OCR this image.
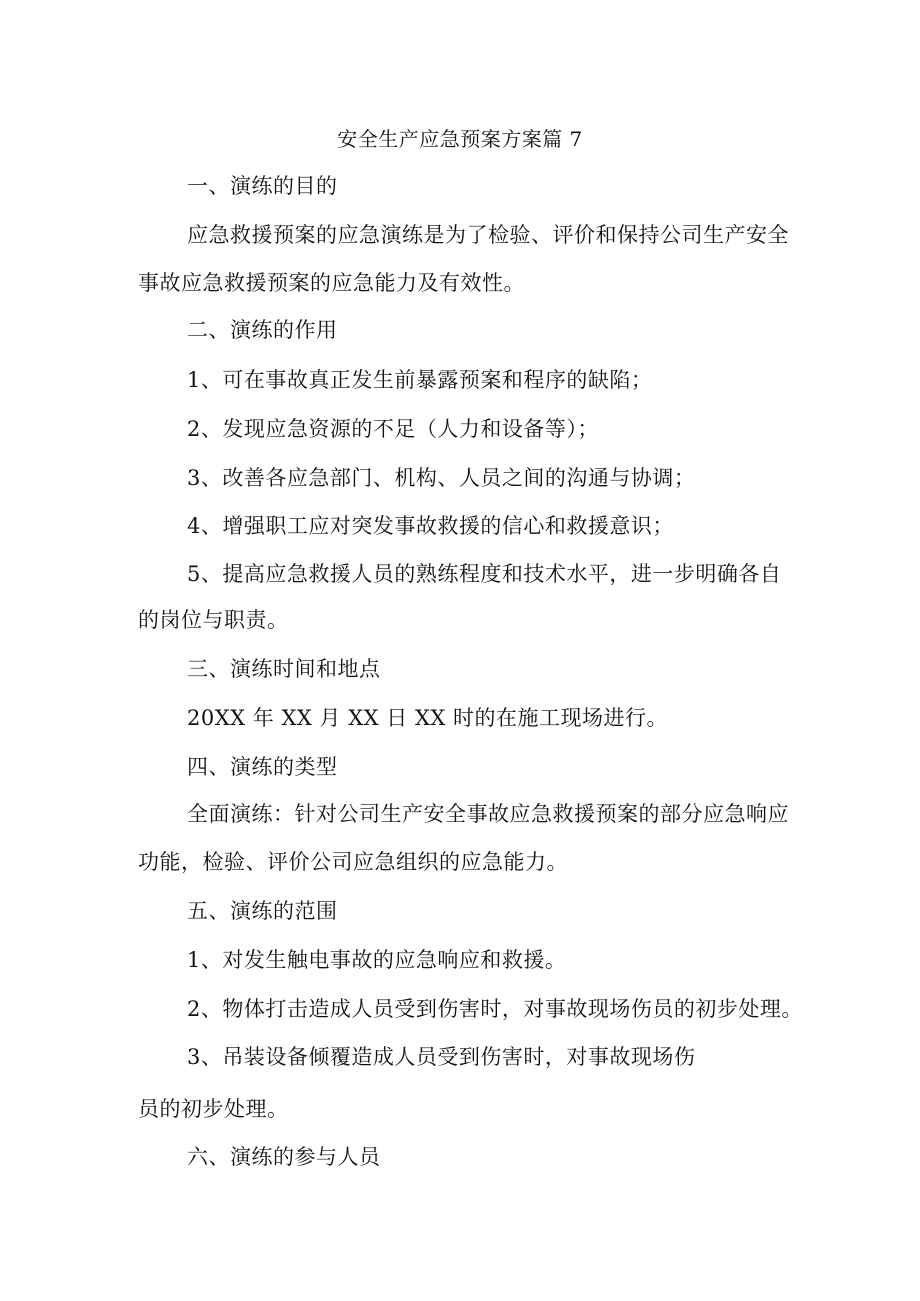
安全生产应急预案方案篇 7
一、演练的目的
应急救援预案的应急演练是为了检验、评价和保持公司生产安全
事故应急救援预案的应急能力及有效性。
二、演练的作用
1、可在事故真正发生前暴露预案和程序的缺陷；
2、发现应急资源的不足（人力和设备等）；
3、改善各应急部门、机构、人员之间的沟通与协调；
4、增强职工应对突发事故救援的信心和救援意识；
5、提高应急救援人员的熟练程度和技术水平，进一步明确各自
的岗位与职责。
三、演练时间和地点
20XX 年 XX 月 XX 日 XX 时的在施工现场进行。
四、演练的类型
全面演练：针对公司生产安全事故应急救援预案的部分应急响应
功能，检验、评价公司应急组织的应急能力。
五、演练的范围
1、对发生触电事故的应急响应和救援。
2、物体打击造成人员受到伤害时，对事故现场伤员的初步处理。
3、吊装设备倾覆造成人员受到伤害时，对事故现场伤
员的初步处理。
六、演练的参与人员
